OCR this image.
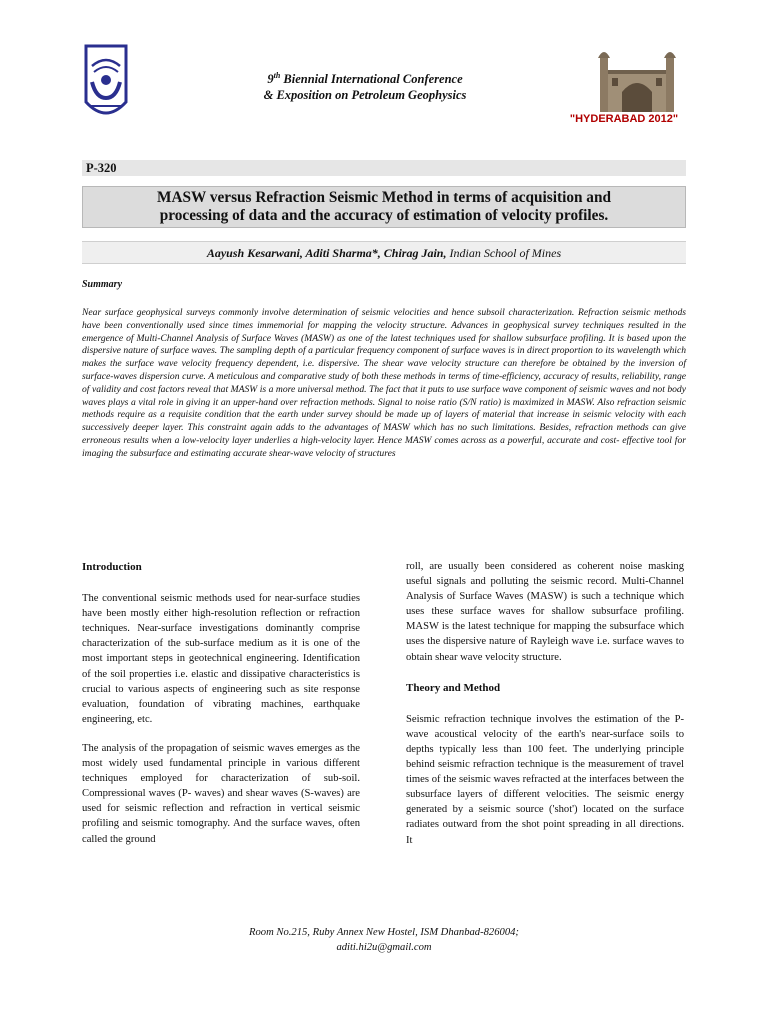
9th Biennial International Conference
& Exposition on Petroleum Geophysics
"HYDERABAD 2012"
P-320
MASW versus Refraction Seismic Method in terms of acquisition and
processing of data and the accuracy of estimation of velocity profiles.
Aayush Kesarwani, Aditi Sharma*, Chirag Jain, Indian School of Mines
Summary
Near surface geophysical surveys commonly involve determination of seismic velocities and hence subsoil characterization. Refraction seismic methods have been conventionally used since times immemorial for mapping the velocity structure. Advances in geophysical survey techniques resulted in the emergence of Multi-Channel Analysis of Surface Waves (MASW) as one of the latest techniques used for shallow subsurface profiling. It is based upon the dispersive nature of surface waves. The sampling depth of a particular frequency component of surface waves is in direct proportion to its wavelength which makes the surface wave velocity frequency dependent, i.e. dispersive. The shear wave velocity structure can therefore be obtained by the inversion of surface-waves dispersion curve. A meticulous and comparative study of both these methods in terms of time-efficiency, accuracy of results, reliability, range of validity and cost factors reveal that MASW is a more universal method. The fact that it puts to use surface wave component of seismic waves and not body waves plays a vital role in giving it an upper-hand over refraction methods. Signal to noise ratio (S/N ratio) is maximized in MASW. Also refraction seismic methods require as a requisite condition that the earth under survey should be made up of layers of material that increase in seismic velocity with each successively deeper layer. This constraint again adds to the advantages of MASW which has no such limitations. Besides, refraction methods can give erroneous results when a low-velocity layer underlies a high-velocity layer. Hence MASW comes across as a powerful, accurate and cost- effective tool for imaging the subsurface and estimating accurate shear-wave velocity of structures

Introduction

The conventional seismic methods used for near-surface studies have been mostly either high-resolution reflection or refraction techniques. Near-surface investigations dominantly comprise characterization of the sub-surface medium as it is one of the most important steps in geotechnical engineering. Identification of the soil properties i.e. elastic and dissipative characteristics is crucial to various aspects of engineering such as site response evaluation, foundation of vibrating machines, earthquake engineering, etc.

The analysis of the propagation of seismic waves emerges as the most widely used fundamental principle in various different techniques employed for characterization of sub-soil. Compressional waves (P- waves) and shear waves (S-waves) are used for seismic reflection and refraction in vertical seismic profiling and seismic tomography. And the surface waves, often called the ground

roll, are usually been considered as coherent noise masking useful signals and polluting the seismic record. Multi-Channel Analysis of Surface Waves (MASW) is such a technique which uses these surface waves for shallow subsurface profiling. MASW is the latest technique for mapping the subsurface which uses the dispersive nature of Rayleigh wave i.e. surface waves to obtain shear wave velocity structure.

Theory and Method

Seismic refraction technique involves the estimation of the P-wave acoustical velocity of the earth's near-surface soils to depths typically less than 100 feet. The underlying principle behind seismic refraction technique is the measurement of travel times of the seismic waves refracted at the interfaces between the subsurface layers of different velocities. The seismic energy generated by a seismic source ('shot') located on the surface radiates outward from the shot point spreading in all directions. It

Room No.215, Ruby Annex New Hostel, ISM Dhanbad-826004;
aditi.hi2u@gmail.com
